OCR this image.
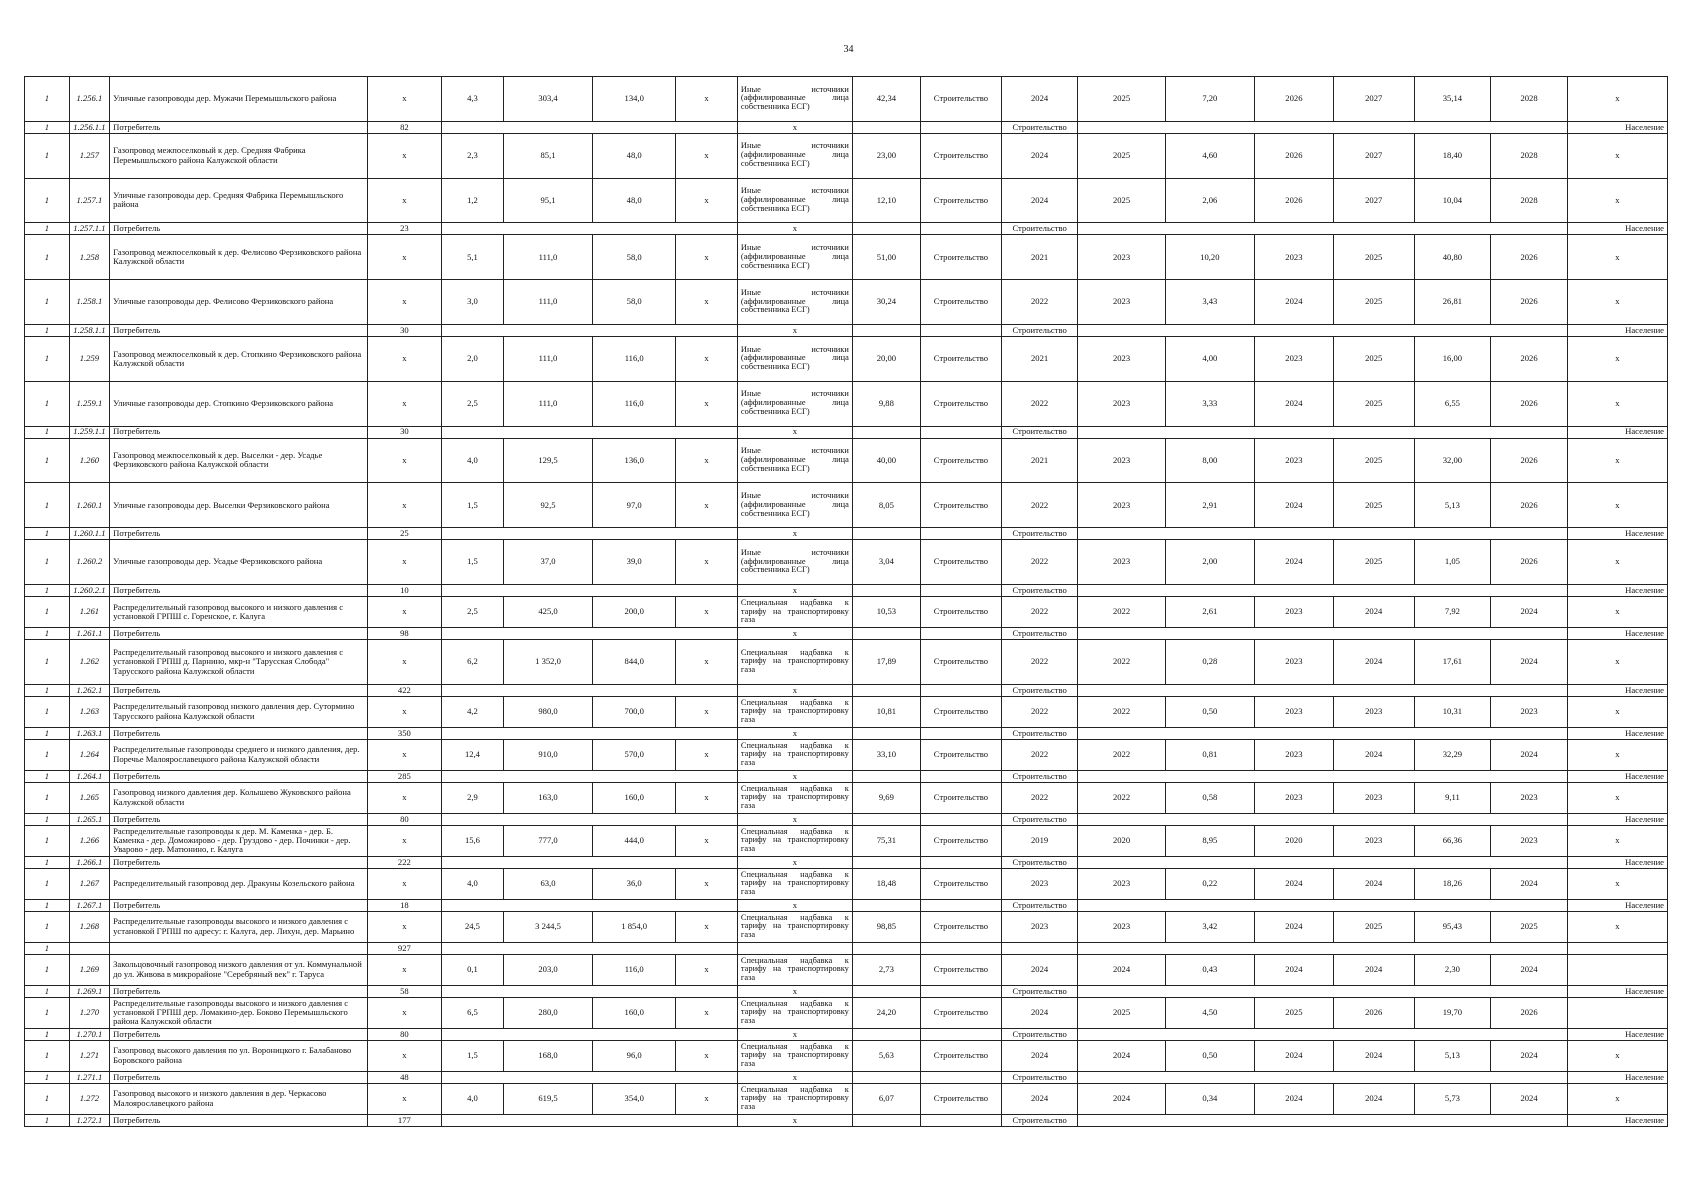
34
1	1.256.1	Уличные газопроводы дер. Мужачи Перемышльского района	x	4,3	303,4	134,0	x	Иные источники (аффилированные лица собственника ЕСГ)	42,34	Строительство	2024	2025	7,20	2026	2027	35,14	2028	x
1	1.256.1.1	Потребитель	82					x			Строительство							Население
1	1.257	Газопровод межпоселковый к дер. Средняя Фабрика Перемышльского района Калужской области	x	2,3	85,1	48,0	x	Иные источники (аффилированные лица собственника ЕСГ)	23,00	Строительство	2024	2025	4,60	2026	2027	18,40	2028	x
1	1.257.1	Уличные газопроводы дер. Средняя Фабрика Перемышльского района	x	1,2	95,1	48,0	x	Иные источники (аффилированные лица собственника ЕСГ)	12,10	Строительство	2024	2025	2,06	2026	2027	10,04	2028	x
1	1.257.1.1	Потребитель	23					x			Строительство							Население
1	1.258	Газопровод межпоселковый к дер. Фелисово Ферзиковского района Калужской области	x	5,1	111,0	58,0	x	Иные источники (аффилированные лица собственника ЕСГ)	51,00	Строительство	2021	2023	10,20	2023	2025	40,80	2026	x
1	1.258.1	Уличные газопроводы дер. Фелисово Ферзиковского района	x	3,0	111,0	58,0	x	Иные источники (аффилированные лица собственника ЕСГ)	30,24	Строительство	2022	2023	3,43	2024	2025	26,81	2026	x
1	1.258.1.1	Потребитель	30					x			Строительство							Население
1	1.259	Газопровод межпоселковый к дер. Стопкино Ферзиковского района Калужской области	x	2,0	111,0	116,0	x	Иные источники (аффилированные лица собственника ЕСГ)	20,00	Строительство	2021	2023	4,00	2023	2025	16,00	2026	x
1	1.259.1	Уличные газопроводы дер. Стопкино Ферзиковского района	x	2,5	111,0	116,0	x	Иные источники (аффилированные лица собственника ЕСГ)	9,88	Строительство	2022	2023	3,33	2024	2025	6,55	2026	x
1	1.259.1.1	Потребитель	30					x			Строительство							Население
1	1.260	Газопровод межпоселковый к дер. Выселки - дер. Усадье Ферзиковского района Калужской области	x	4,0	129,5	136,0	x	Иные источники (аффилированные лица собственника ЕСГ)	40,00	Строительство	2021	2023	8,00	2023	2025	32,00	2026	x
1	1.260.1	Уличные газопроводы дер. Выселки Ферзиковского района	x	1,5	92,5	97,0	x	Иные источники (аффилированные лица собственника ЕСГ)	8,05	Строительство	2022	2023	2,91	2024	2025	5,13	2026	x
1	1.260.1.1	Потребитель	25					x			Строительство							Население
1	1.260.2	Уличные газопроводы дер. Усадье Ферзиковского района	x	1,5	37,0	39,0	x	Иные источники (аффилированные лица собственника ЕСГ)	3,04	Строительство	2022	2023	2,00	2024	2025	1,05	2026	x
1	1.260.2.1	Потребитель	10					x			Строительство							Население
1	1.261	Распределительный газопровод высокого и низкого давления с установкой ГРПШ с. Горенское, г. Калуга	x	2,5	425,0	200,0	x	Специальная надбавка к тарифу на транспортировку газа	10,53	Строительство	2022	2022	2,61	2023	2024	7,92	2024	x
1	1.261.1	Потребитель	98					x			Строительство							Население
1	1.262	Распределительный газопровод высокого и низкого давления с установкой ГРПШ д. Парнино, мкр-н "Тарусская Слобода" Тарусского района Калужской области	x	6,2	1 352,0	844,0	x	Специальная надбавка к тарифу на транспортировку газа	17,89	Строительство	2022	2022	0,28	2023	2024	17,61	2024	x
1	1.262.1	Потребитель	422					x			Строительство							Население
1	1.263	Распределительный газопровод низкого давления дер. Сутормино Тарусского района Калужской области	x	4,2	980,0	700,0	x	Специальная надбавка к тарифу на транспортировку газа	10,81	Строительство	2022	2022	0,50	2023	2023	10,31	2023	x
1	1.263.1	Потребитель	350					x			Строительство							Население
1	1.264	Распределительные газопроводы среднего и низкого давления, дер. Поречье Малоярославецкого района Калужской области	x	12,4	910,0	570,0	x	Специальная надбавка к тарифу на транспортировку газа	33,10	Строительство	2022	2022	0,81	2023	2024	32,29	2024	x
1	1.264.1	Потребитель	285					x			Строительство							Население
1	1.265	Газопровод низкого давления дер. Колышево Жуковского района Калужской области	x	2,9	163,0	160,0	x	Специальная надбавка к тарифу на транспортировку газа	9,69	Строительство	2022	2022	0,58	2023	2023	9,11	2023	x
1	1.265.1	Потребитель	80					x			Строительство							Население
1	1.266	Распределительные газопроводы к дер. М. Каменка - дер. Б. Каменка - дер. Доможирово - дер. Груздово - дер. Починки - дер. Уварово - дер. Матюнино, г. Калуга	x	15,6	777,0	444,0	x	Специальная надбавка к тарифу на транспортировку газа	75,31	Строительство	2019	2020	8,95	2020	2023	66,36	2023	x
1	1.266.1	Потребитель	222					x			Строительство							Население
1	1.267	Распределительный газопровод дер. Дракуны Козельского района	x	4,0	63,0	36,0	x	Специальная надбавка к тарифу на транспортировку газа	18,48	Строительство	2023	2023	0,22	2024	2024	18,26	2024	x
1	1.267.1	Потребитель	18					x			Строительство							Население
1	1.268	Распределительные газопроводы высокого и низкого давления с установкой ГРПШ по адресу: г. Калуга, дер. Лихун, дер. Марьино	x	24,5	3 244,5	1 854,0	x	Специальная надбавка к тарифу на транспортировку газа	98,85	Строительство	2023	2023	3,42	2024	2025	95,43	2025	x
1			927															
1	1.269	Закольцовочный газопровод низкого давления от ул. Коммунальной до ул. Живова в микрорайоне "Серебряный век" г. Таруса	x	0,1	203,0	116,0	x	Специальная надбавка к тарифу на транспортировку газа	2,73	Строительство	2024	2024	0,43	2024	2024	2,30	2024	
1	1.269.1	Потребитель	58					x			Строительство							Население
1	1.270	Распределительные газопроводы высокого и низкого давления с установкой ГРПШ дер. Ломакино-дер. Боково Перемышльского района Калужской области	x	6,5	280,0	160,0	x	Специальная надбавка к тарифу на транспортировку газа	24,20	Строительство	2024	2025	4,50	2025	2026	19,70	2026	
1	1.270.1	Потребитель	80					x			Строительство							Население
1	1.271	Газопровод высокого давления по ул. Вороницкого г. Балабаново Боровского района	x	1,5	168,0	96,0	x	Специальная надбавка к тарифу на транспортировку газа	5,63	Строительство	2024	2024	0,50	2024	2024	5,13	2024	x
1	1.271.1	Потребитель	48					x			Строительство							Население
1	1.272	Газопровод высокого и низкого давления в дер. Черкасово Малоярославецкого района	x	4,0	619,5	354,0	x	Специальная надбавка к тарифу на транспортировку газа	6,07	Строительство	2024	2024	0,34	2024	2024	5,73	2024	x
1	1.272.1	Потребитель	177					x			Строительство							Население
